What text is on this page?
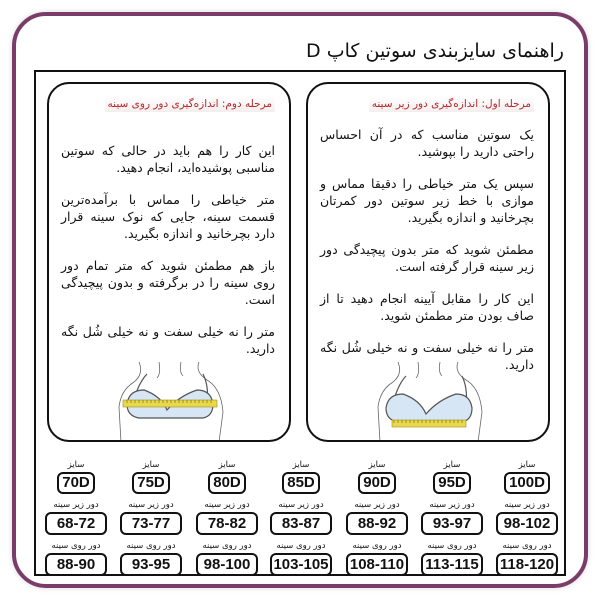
راهنمای سایزبندی سوتین کاپ D
مرحله اول: اندازه‌گیری دور زیر سینه

یک سوتین مناسب که در آن احساس راحتی دارید را بپوشید.

سپس یک متر خیاطی را دقیقا مماس و موازی با خط زیر سوتین دور کمرتان بچرخانید و اندازه بگیرید.

مطمئن شوید که متر بدون پیچیدگی دور زیر سینه قرار گرفته است.

این کار را مقابل آیینه انجام دهید تا از صاف بودن متر مطمئن شوید.

متر را نه خیلی سفت و نه خیلی شُل نگه دارید.

مرحله دوم: اندازه‌گیری دور روی سینه

این کار را هم باید در حالی که سوتین مناسبی پوشیده‌اید، انجام دهید.

متر خیاطی را مماس با برآمده‌ترین قسمت سینه، جایی که نوک سینه قرار دارد بچرخانید و اندازه بگیرید.

باز هم مطمئن شوید که متر تمام دور روی سینه را در برگرفته و بدون پیچیدگی است.

متر را نه خیلی سفت و نه خیلی شُل نگه دارید.

سایز
100D
دور زیر سینه
98-102
دور روی سینه
118-120
سایز
95D
دور زیر سینه
93-97
دور روی سینه
113-115
سایز
90D
دور زیر سینه
88-92
دور روی سینه
108-110
سایز
85D
دور زیر سینه
83-87
دور روی سینه
103-105
سایز
80D
دور زیر سینه
78-82
دور روی سینه
98-100
سایز
75D
دور زیر سینه
73-77
دور روی سینه
93-95
سایز
70D
دور زیر سینه
68-72
دور روی سینه
88-90
